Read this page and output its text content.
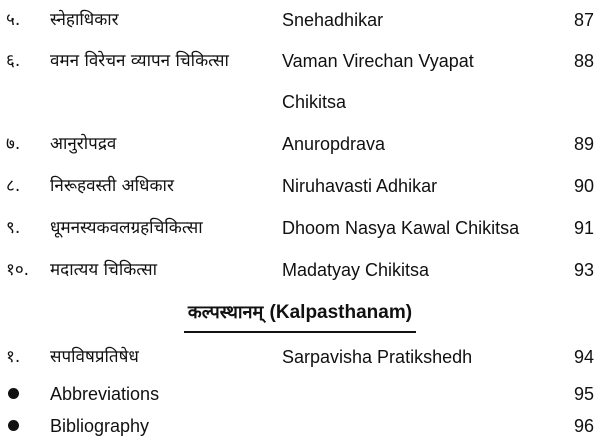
५.	स्नेहाधिकार	Snehadhikar	87
६.	वमन विरेचन व्यापन चिकित्सा	Vaman Virechan Vyapat	88
Chikitsa
७.	आनुरोपद्रव	Anuropdrava	89
८.	निरूहवस्ती अधिकार	Niruhavasti Adhikar	90
९.	धूमनस्यकवलग्रहचिकित्सा	Dhoom Nasya Kawal Chikitsa	91
१०.	मदात्यय चिकित्सा	Madatyay Chikitsa	93
कल्पस्थानम् (Kalpasthanam)
१.	सपविषप्रतिषेध	Sarpavisha Pratikshedh	94
Abbreviations	95
Bibliography	96
